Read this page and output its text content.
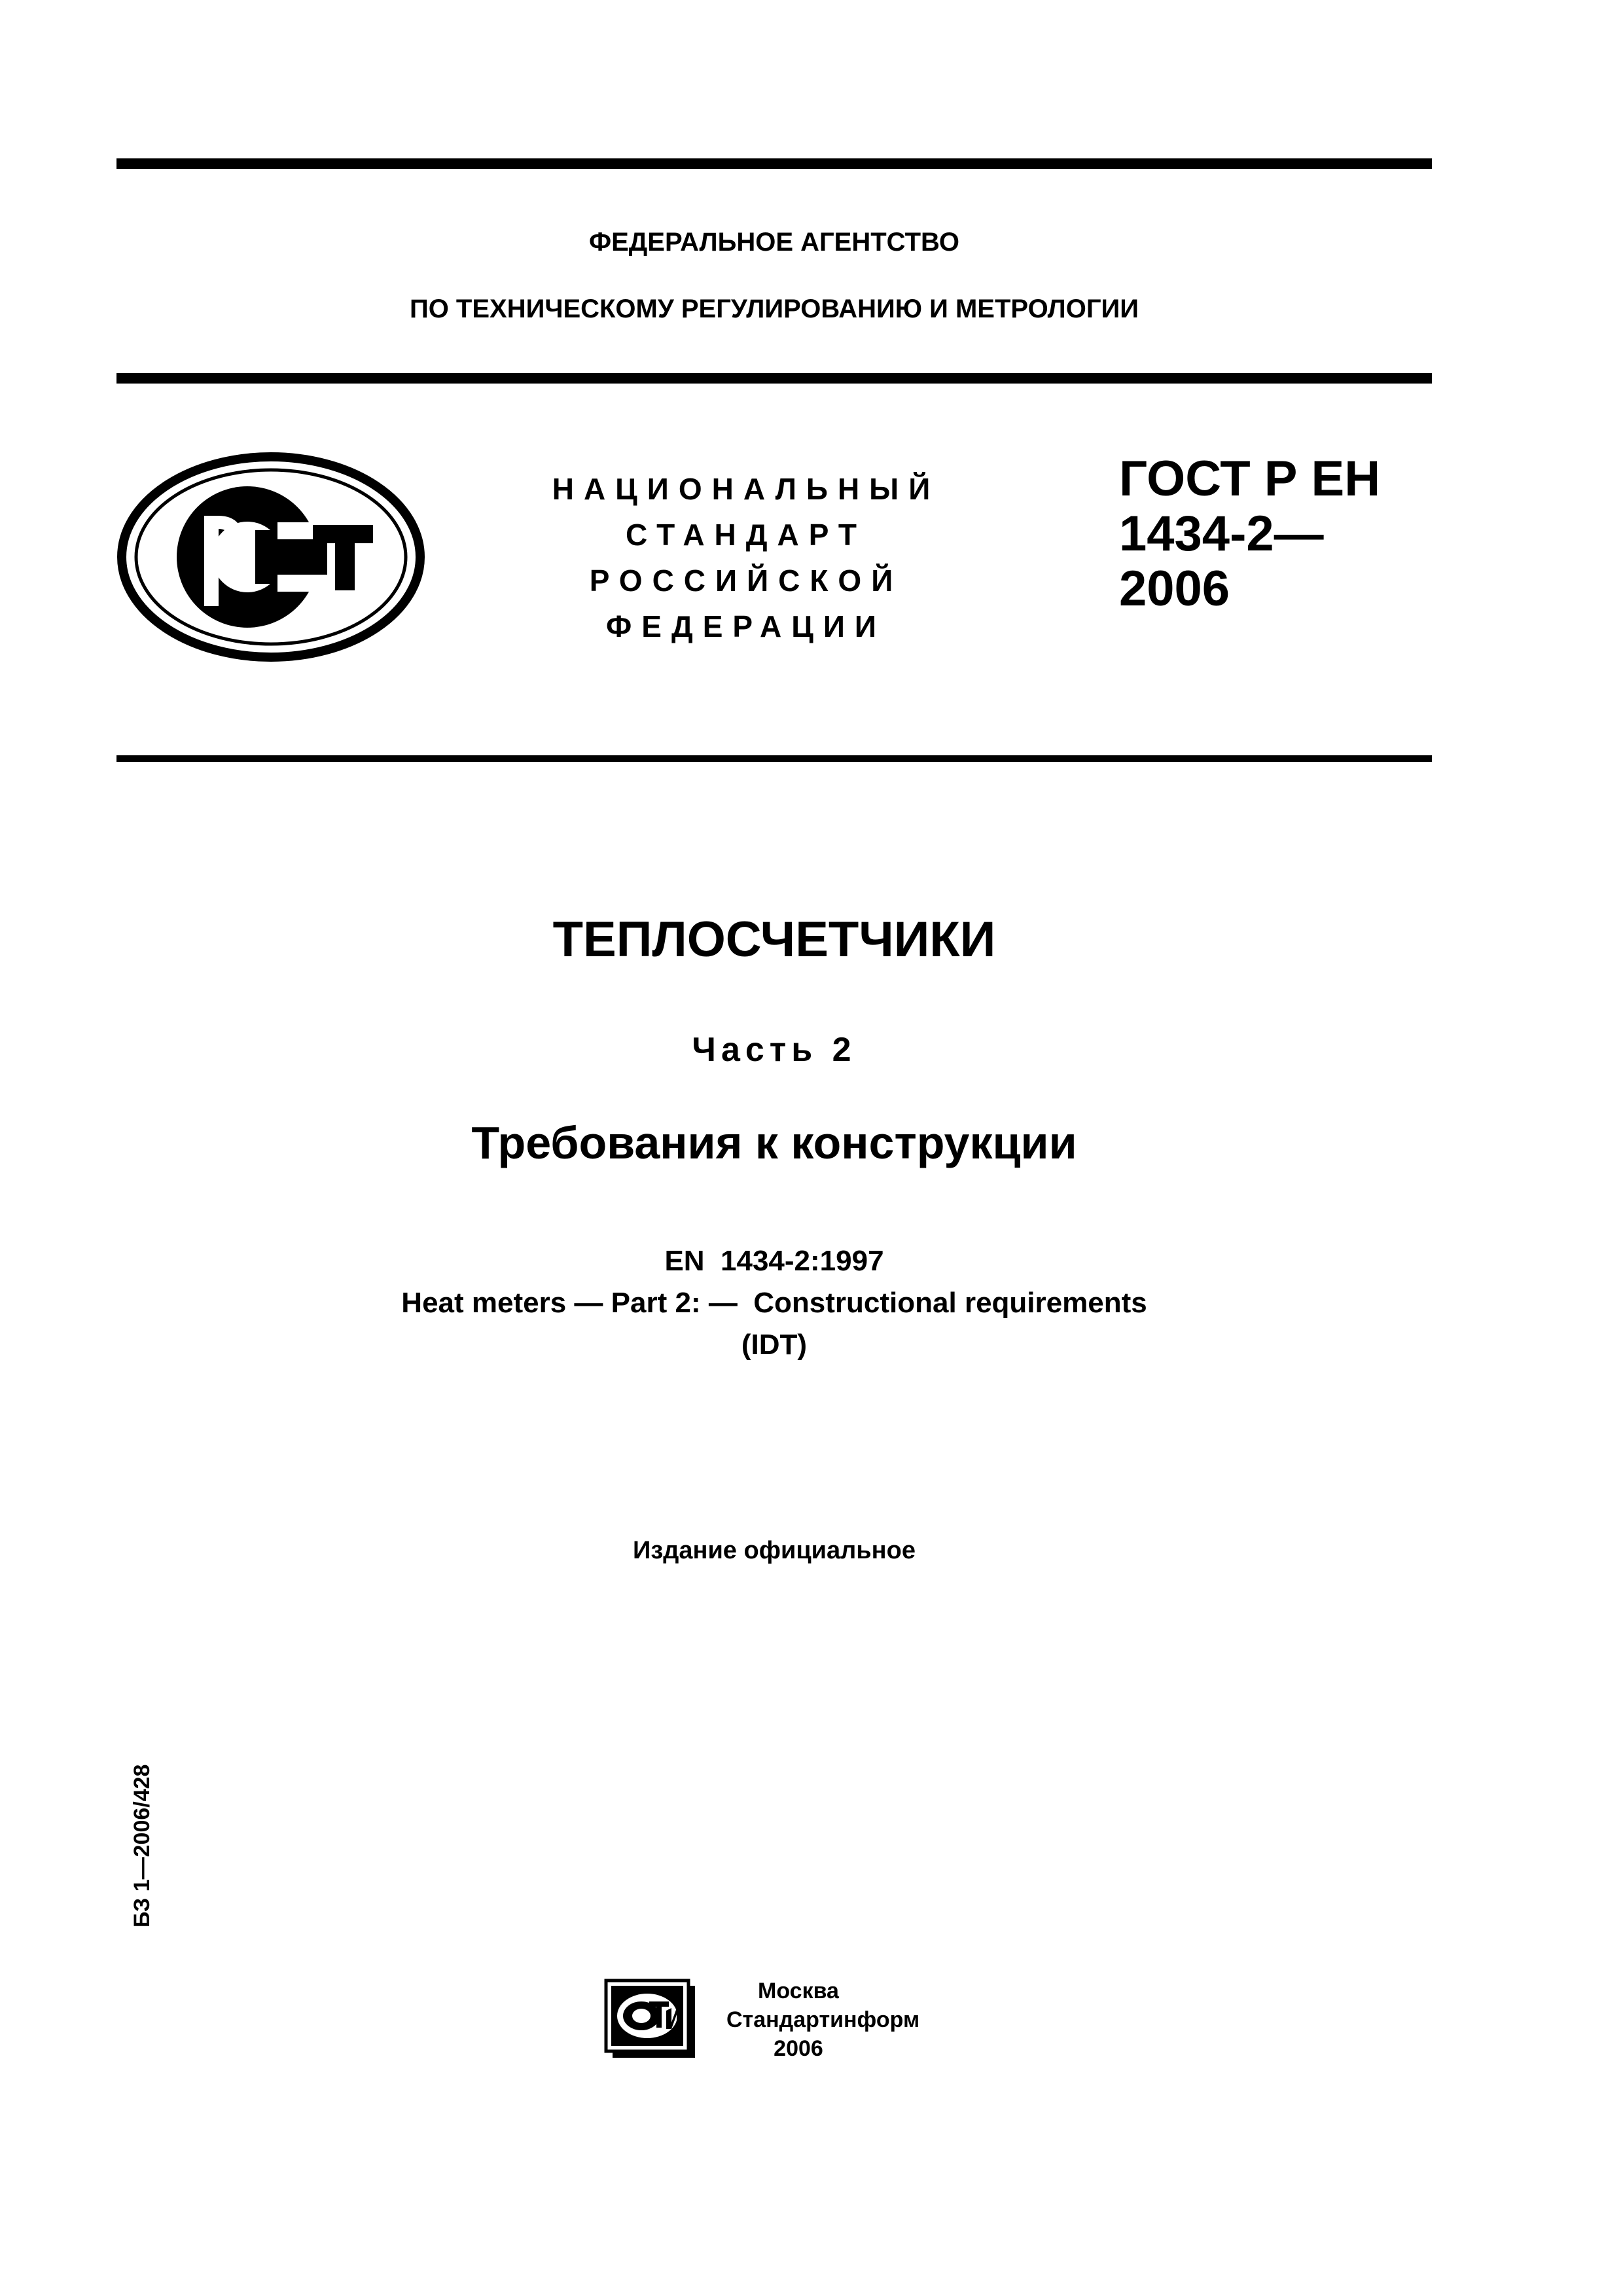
ФЕДЕРАЛЬНОЕ АГЕНТСТВО
ПО ТЕХНИЧЕСКОМУ РЕГУЛИРОВАНИЮ И МЕТРОЛОГИИ
НАЦИОНАЛЬНЫЙ
СТАНДАРТ
РОССИЙСКОЙ
ФЕДЕРАЦИИ
ГОСТ Р ЕН
1434-2—
2006
ТЕПЛОСЧЕТЧИКИ
Часть 2
Требования к конструкции
EN  1434-2:1997
Heat meters — Part 2: —  Constructional requirements
(IDT)
Издание официальное
БЗ 1—2006/428
Москва
Стандартинформ
2006
